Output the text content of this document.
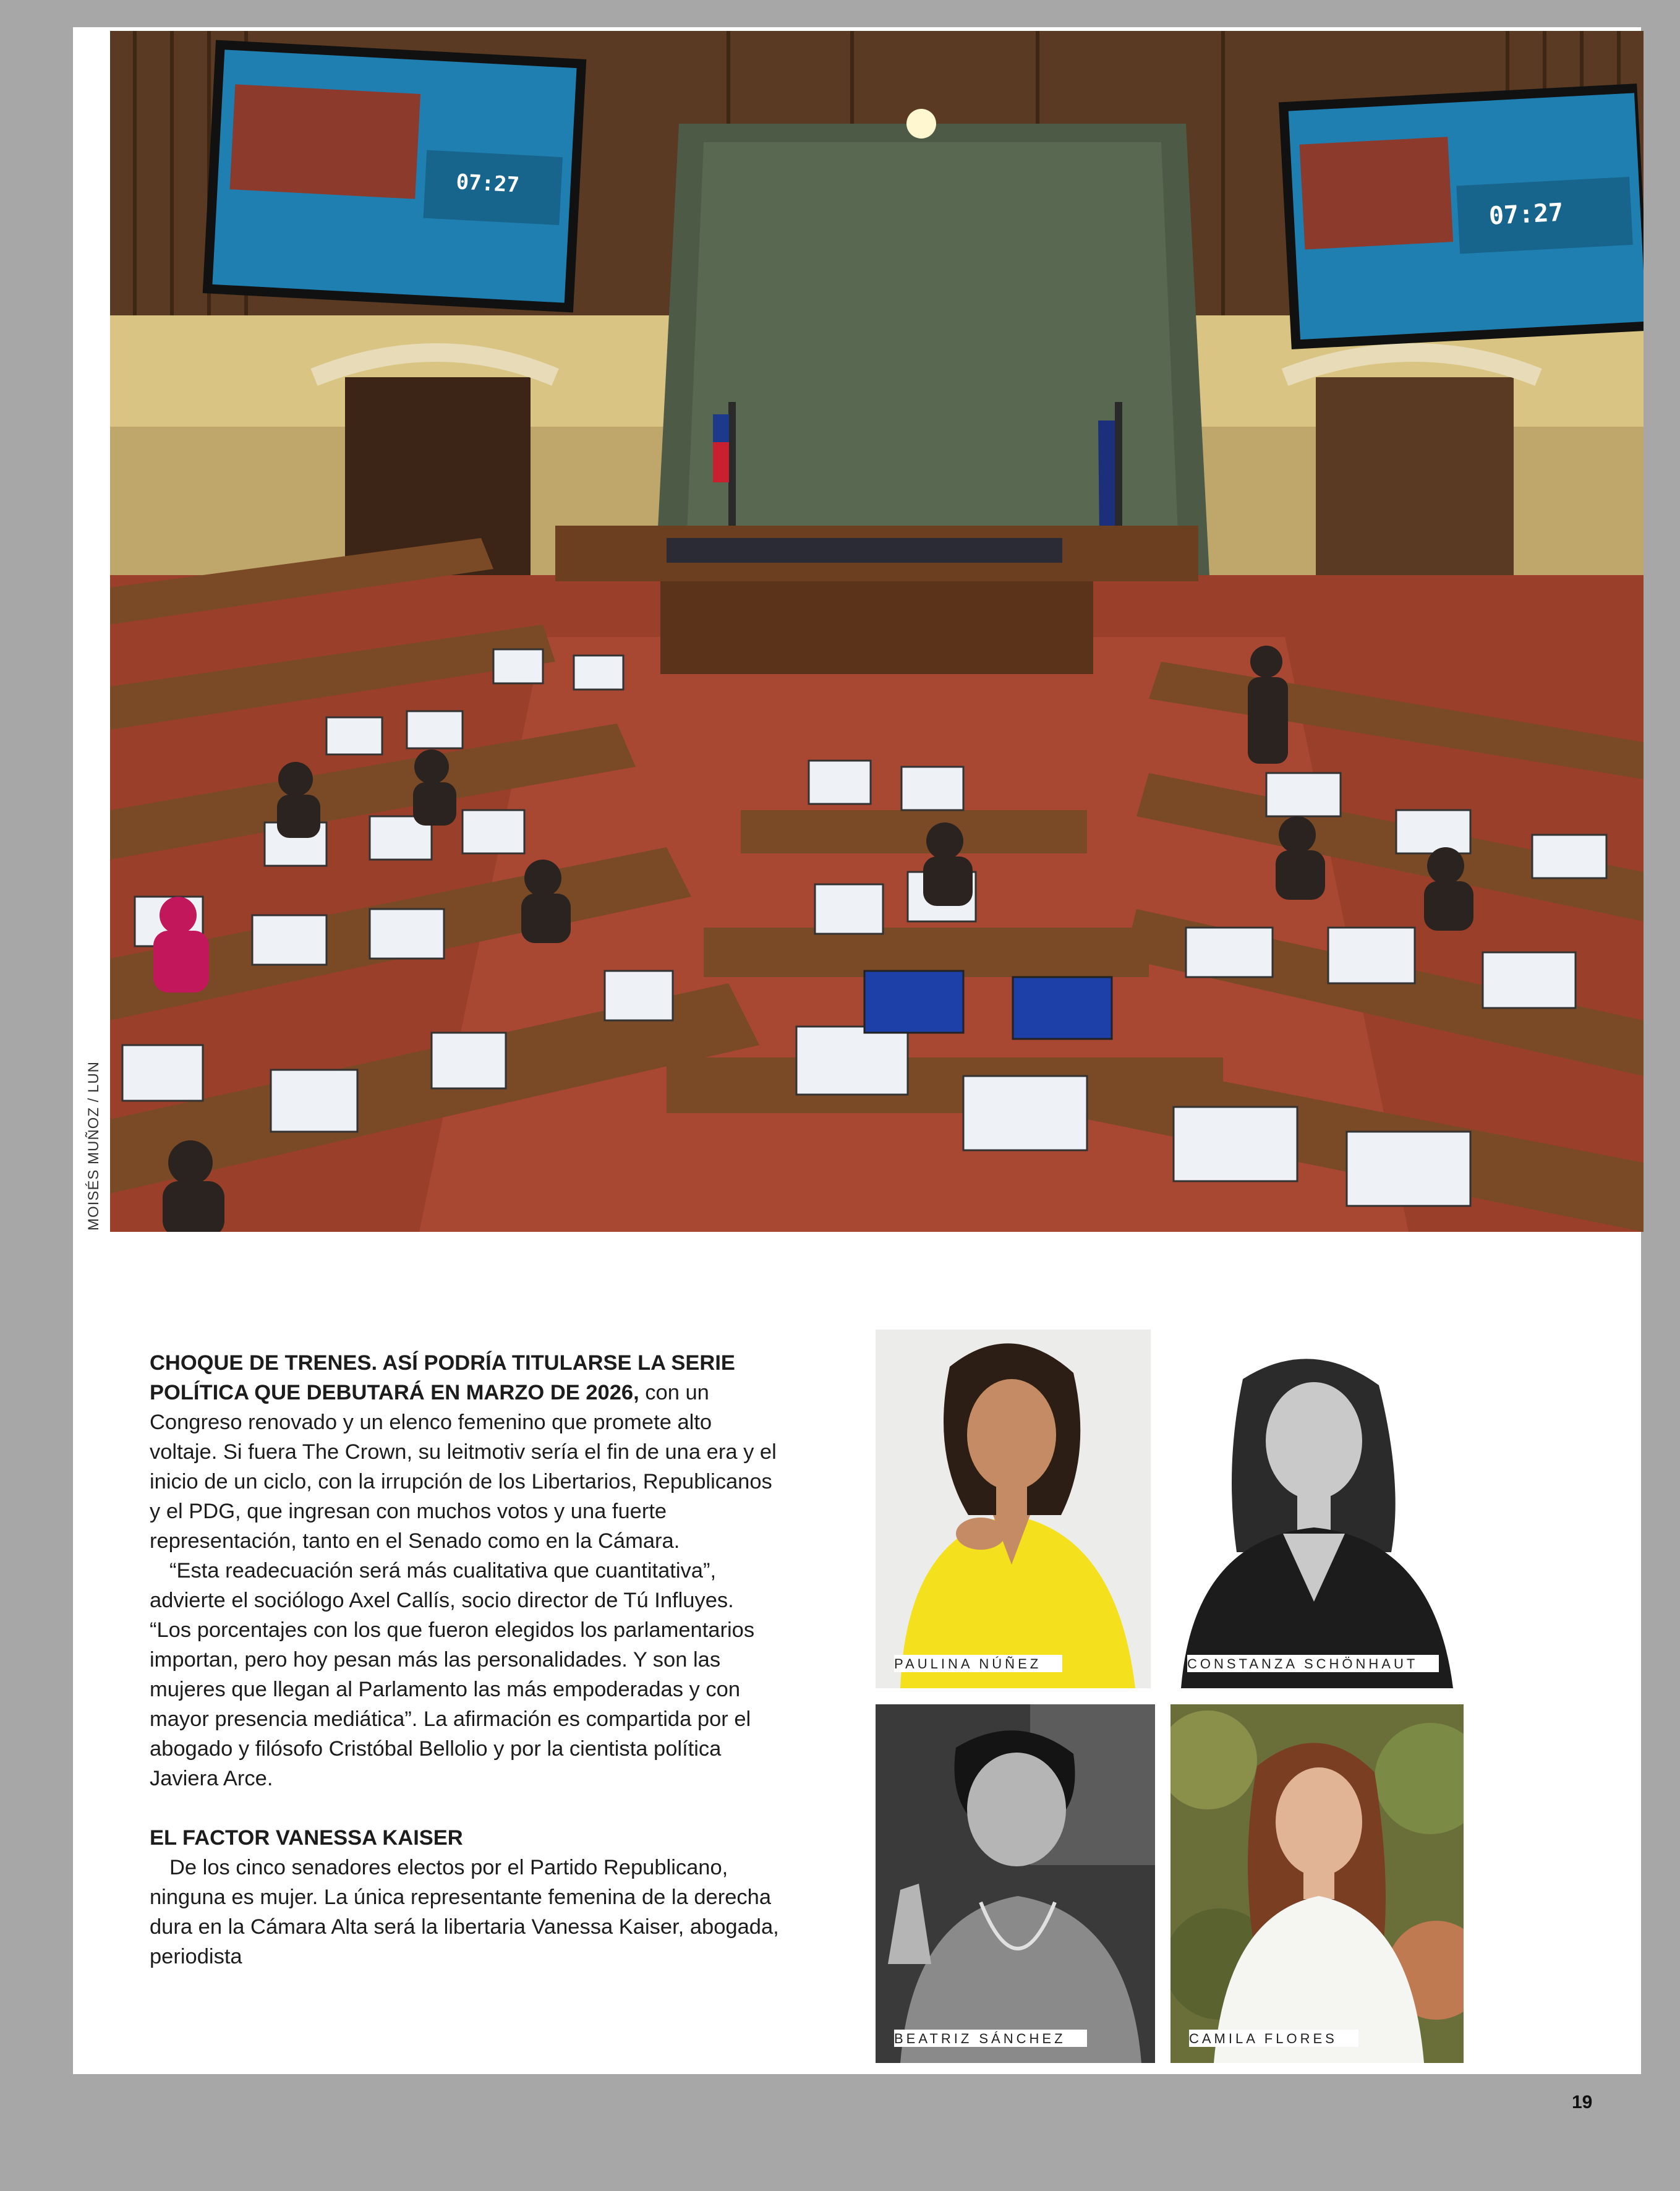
MOISÉS MUÑOZ / LUN
07:27
07:27

CHOQUE DE TRENES. ASÍ PODRÍA TITULARSE LA SERIE POLÍTICA QUE DEBUTARÁ EN MARZO DE 2026, con un Congreso renovado y un elenco femenino que promete alto voltaje. Si fuera The Crown, su leitmotiv sería el fin de una era y el inicio de un ciclo, con la irrupción de los Libertarios, Republicanos y el PDG, que ingresan con muchos votos y una fuerte representación, tanto en el Senado como en la Cámara.

“Esta readecuación será más cualitativa que cuantitativa”, advierte el sociólogo Axel Callís, socio director de Tú Influyes. “Los porcentajes con los que fueron elegidos los parlamentarios importan, pero hoy pesan más las personalidades. Y son las mujeres que llegan al Parlamento las más empoderadas y con mayor presencia mediática”. La afirmación es compartida por el abogado y filósofo Cristóbal Bellolio y por la cientista política Javiera Arce.

EL FACTOR VANESSA KAISER

De los cinco senadores electos por el Partido Republicano, ninguna es mujer. La única representante femenina de la derecha dura en la Cámara Alta será la libertaria Vanessa Kaiser, abogada, periodista

PAULINA NÚÑEZ	CONSTANZA SCHÖNHAUT
BEATRIZ SÁNCHEZ	CAMILA FLORES
19
